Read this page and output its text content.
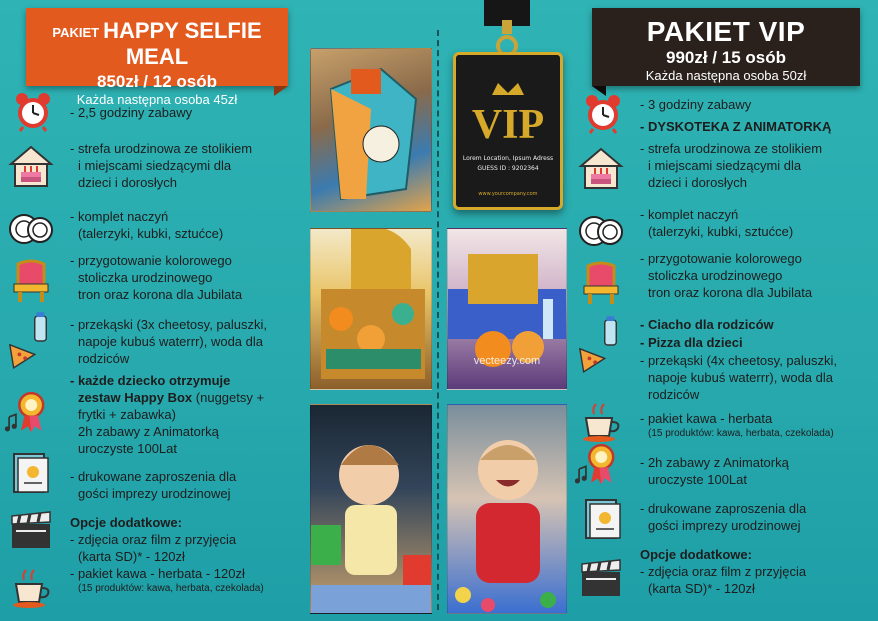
PAKIET HAPPY SELFIE MEAL
850zł / 12 osób
Każda następna osoba 45zł
PAKIET VIP
990zł / 15 osób
Każda następna osoba 50zł
- 2,5 godziny zabawy
- strefa urodzinowa ze stolikiem

i miejscami siedzącymi dla
dzieci i dorosłych
- komplet naczyń

(talerzyki, kubki, sztućce)
- przygotowanie kolorowego

stoliczka urodzinowego
tron oraz korona dla Jubilata
- przekąski (3x cheetosy, paluszki,

napoje kubuś waterrr), woda dla
rodziców
- każde dziecko otrzymuje

zestaw Happy Box (nuggetsy +
frytki + zabawka)
2h zabawy z Animatorką
uroczyste 100Lat
- drukowane zaproszenia dla

gości imprezy urodzinowej
Opcje dodatkowe:
- zdjęcia oraz film z przyjęcia

(karta SD)* - 120zł
- pakiet kawa - herbata - 120zł

(15 produktów: kawa, herbata, czekolada)
- 3 godziny zabawy
- DYSKOTEKA Z ANIMATORKĄ
- strefa urodzinowa ze stolikiem

i miejscami siedzącymi dla
dzieci i dorosłych
- komplet naczyń

(talerzyki, kubki, sztućce)
- przygotowanie kolorowego

stoliczka urodzinowego
tron oraz korona dla Jubilata
- Ciacho dla rodziców
- Pizza dla dzieci
- przekąski (4x cheetosy, paluszki,

napoje kubuś waterrr), woda dla
rodziców
- pakiet kawa - herbata

(15 produktów: kawa, herbata, czekolada)
- 2h zabawy z Animatorką

uroczyste 100Lat
- drukowane zaproszenia dla

gości imprezy urodzinowej
Opcje dodatkowe:
- zdjęcia oraz film z przyjęcia

(karta SD)* - 120zł
vecteezy.com
VIP
Lorem Location, Ipsum Adress
GUESS ID : 9202364
www.yourcompany.com
